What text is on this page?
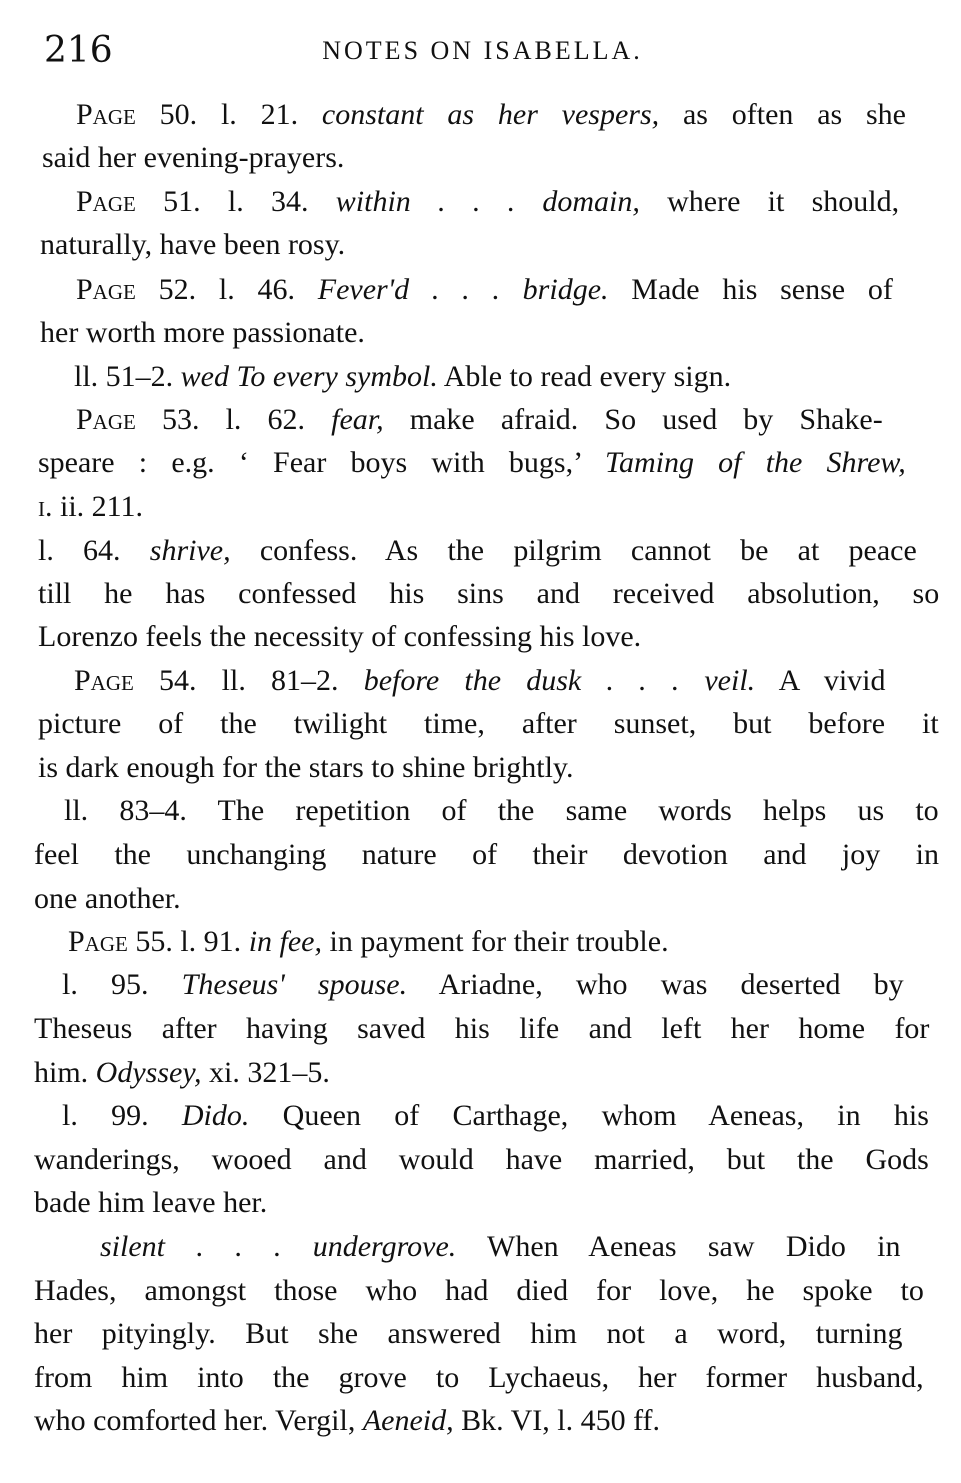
216	NOTES ON ISABELLA.
Page 50. l. 21. constant as her vespers, as often as she
said her evening-prayers.
Page 51. l. 34. within . . . domain, where it should,
naturally, have been rosy.
Page 52. l. 46. Fever'd . . . bridge. Made his sense of
her worth more passionate.
ll. 51–2. wed To every symbol. Able to read every sign.
Page 53. l. 62. fear, make afraid. So used by Shake-
speare : e.g. ‘ Fear boys with bugs,’ Taming of the Shrew,
i. ii. 211.
l. 64. shrive, confess. As the pilgrim cannot be at peace
till he has confessed his sins and received absolution, so
Lorenzo feels the necessity of confessing his love.
Page 54. ll. 81–2. before the dusk . . . veil. A vivid
picture of the twilight time, after sunset, but before it
is dark enough for the stars to shine brightly.
ll. 83–4. The repetition of the same words helps us to
feel the unchanging nature of their devotion and joy in
one another.
Page 55. l. 91. in fee, in payment for their trouble.
l. 95. Theseus' spouse. Ariadne, who was deserted by
Theseus after having saved his life and left her home for
him. Odyssey, xi. 321–5.
l. 99. Dido. Queen of Carthage, whom Aeneas, in his
wanderings, wooed and would have married, but the Gods
bade him leave her.
silent . . . undergrove. When Aeneas saw Dido in
Hades, amongst those who had died for love, he spoke to
her pityingly. But she answered him not a word, turning
from him into the grove to Lychaeus, her former husband,
who comforted her. Vergil, Aeneid, Bk. VI, l. 450 ff.
